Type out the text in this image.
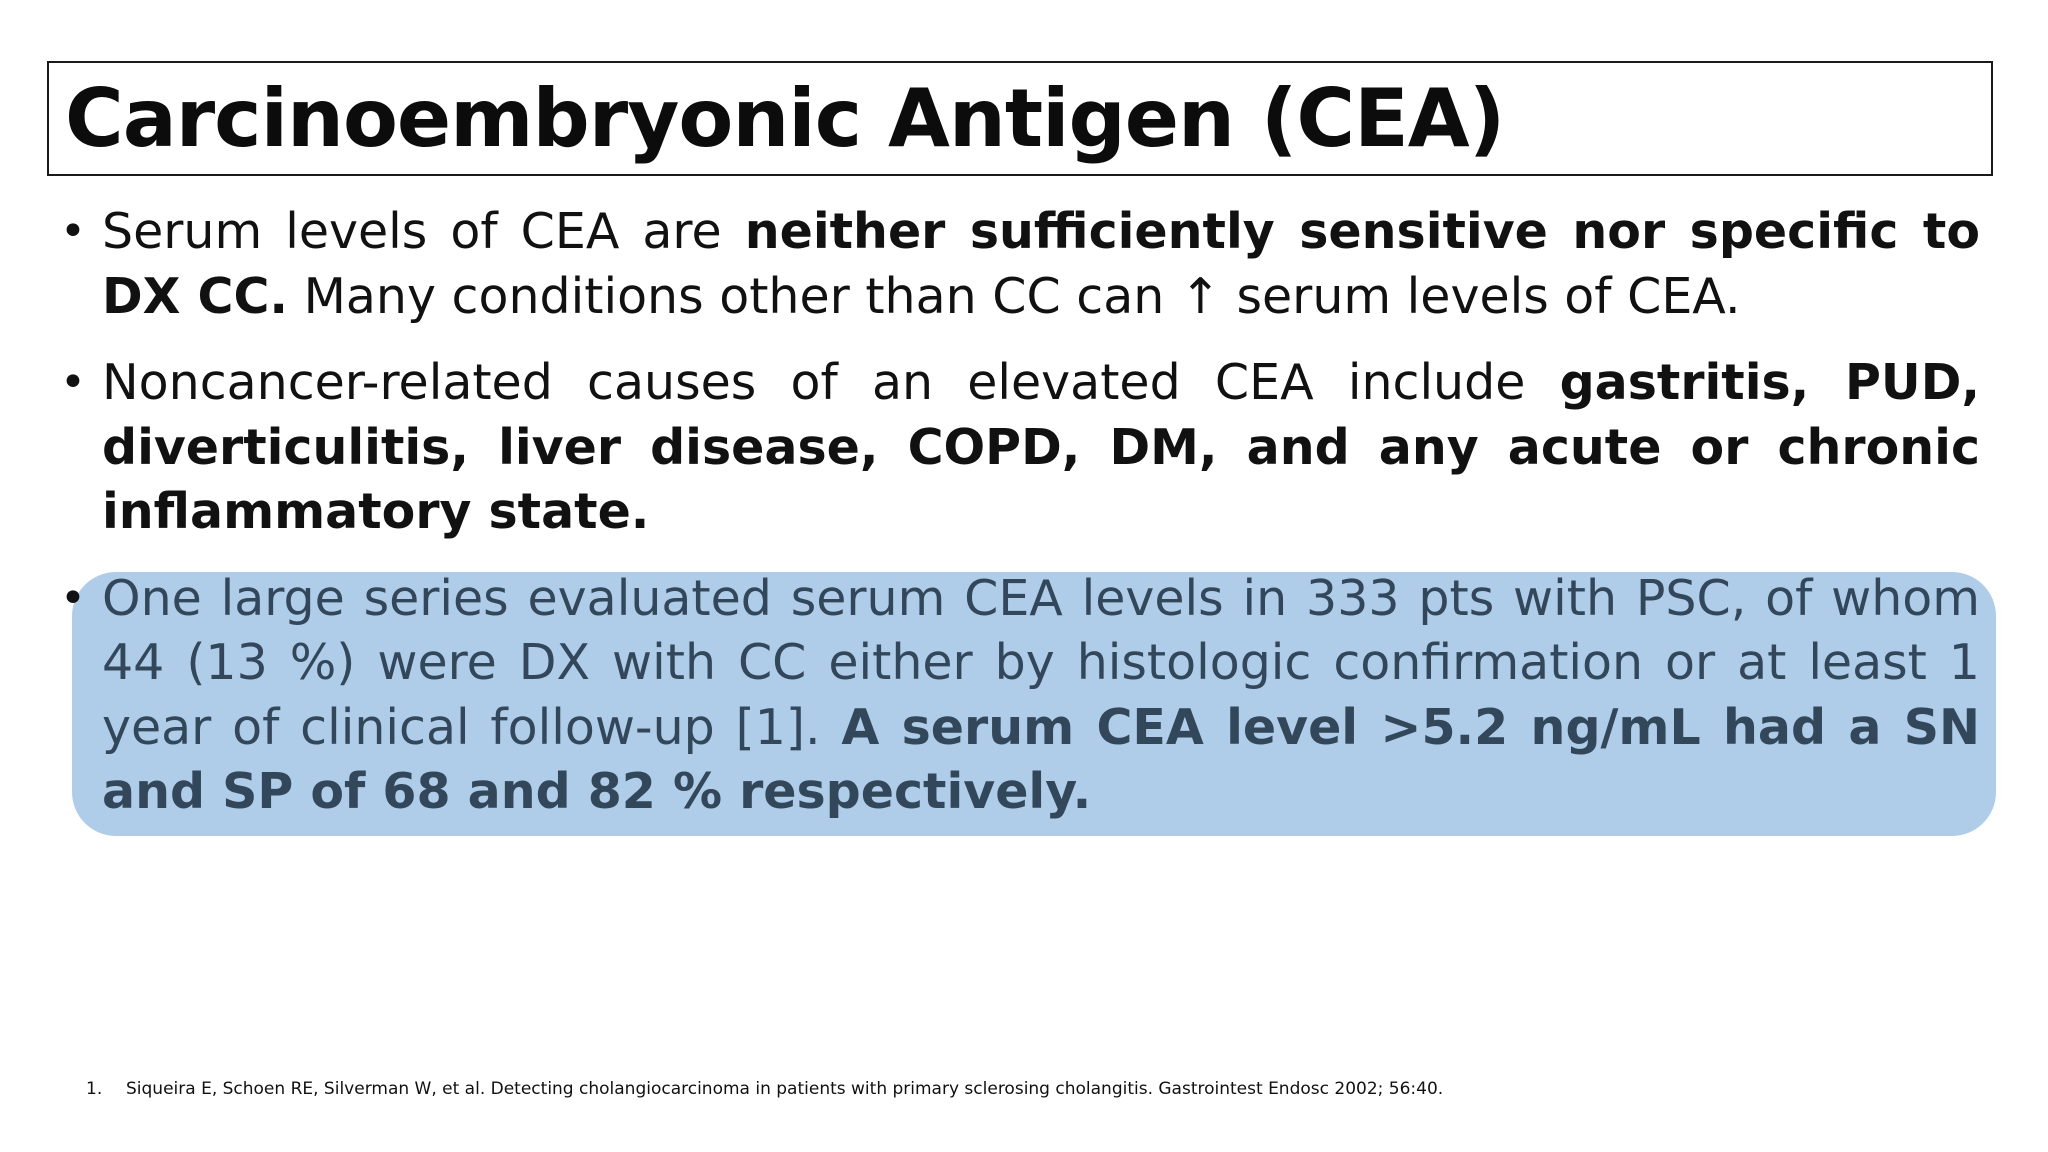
Carcinoembryonic Antigen (CEA)
• Serum levels of CEA are neither sufficiently sensitive nor specific to DX CC. Many conditions other than CC can ↑ serum levels of CEA.
• Noncancer-related causes of an elevated CEA include gastritis, PUD, diverticulitis, liver disease, COPD, DM, and any acute or chronic inflammatory state.
• One large series evaluated serum CEA levels in 333 pts with PSC, of whom 44 (13 %) were DX with CC either by histologic confirmation or at least 1 year of clinical follow-up [1]. A serum CEA level >5.2 ng/mL had a SN and SP of 68 and 82 % respectively.
1. Siqueira E, Schoen RE, Silverman W, et al. Detecting cholangiocarcinoma in patients with primary sclerosing cholangitis. Gastrointest Endosc 2002; 56:40.
